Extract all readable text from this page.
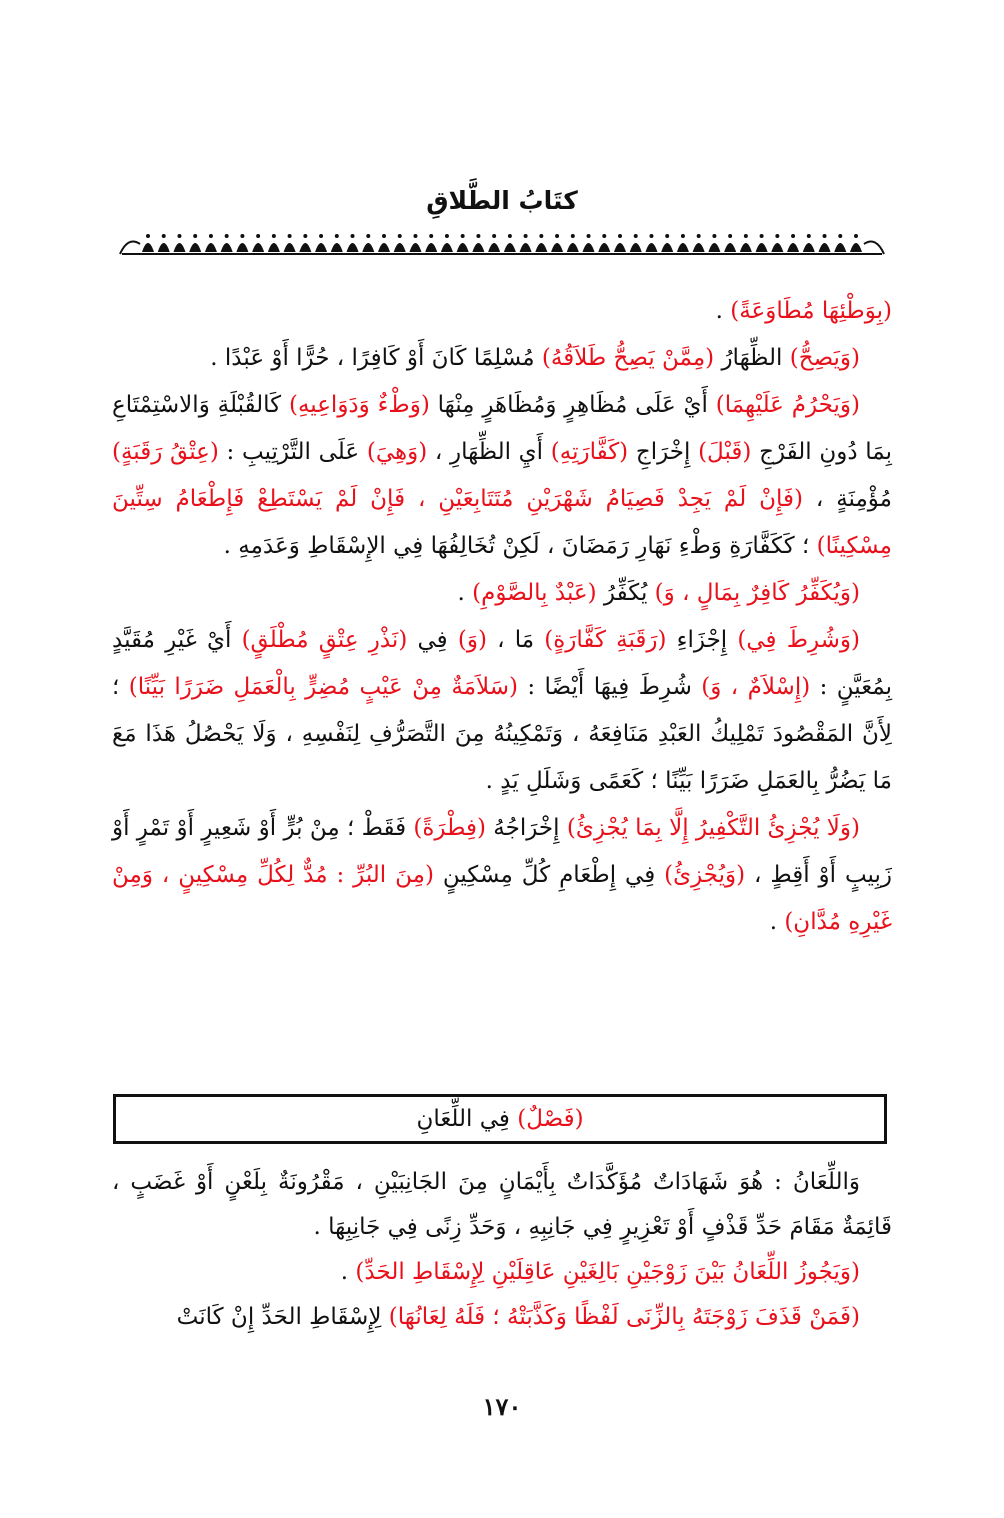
كتَابُ الطَّلاقِ

(بِوَطْئِهَا مُطَاوَعَةً) .

(وَيَصِحُّ) الظِّهَارُ (مِمَّنْ يَصِحُّ طَلاَقُهُ) مُسْلِمًا كَانَ أَوْ كَافِرًا ، حُرًّا أَوْ عَبْدًا .

(وَيَحْرُمُ عَلَيْهِمَا) أَيْ عَلَى مُظَاهِرٍ وَمُظَاهَرٍ مِنْهَا (وَطْءٌ وَدَوَاعِيهِ) كَالقُبْلَةِ وَالاسْتِمْتَاعِ بِمَا دُونِ الفَرْجِ (قَبْلَ) إِخْرَاجِ (كَفَّارَتِهِ) أَيِ الظِّهَارِ ، (وَهِيَ) عَلَى التَّرْتِيبِ : (عِتْقُ رَقَبَةٍ) مُؤْمِنَةٍ ، (فَإِنْ لَمْ يَجِدْ فَصِيَامُ شَهْرَيْنِ مُتَتَابِعَيْنِ ، فَإِنْ لَمْ يَسْتَطِعْ فَإِطْعَامُ سِتِّينَ مِسْكِينًا) ؛ كَكَفَّارَةِ وَطْءِ نَهَارِ رَمَضَانَ ، لَكِنْ تُخَالِفُهَا فِي الإِسْقَاطِ وَعَدَمِهِ .

(وَيُكَفِّرُ كَافِرٌ بِمَالٍ ، وَ) يُكَفِّرُ (عَبْدٌ بِالصَّوْمِ) .

(وَشُرِطَ فِي) إِجْزَاءِ (رَقَبَةِ كَفَّارَةٍ) مَا ، (وَ) فِي (نَذْرِ عِتْقٍ مُطْلَقٍ) أَيْ غَيْرِ مُقَيَّدٍ بِمُعَيَّنٍ : (إِسْلاَمٌ ، وَ) شُرِطَ فِيهَا أَيْضًا : (سَلاَمَةٌ مِنْ عَيْبٍ مُضِرٍّ بِالْعَمَلِ ضَرَرًا بَيِّنًا) ؛ لِأَنَّ المَقْصُودَ تَمْلِيكُ العَبْدِ مَنَافِعَهُ ، وَتَمْكِينُهُ مِنَ التَّصَرُّفِ لِنَفْسِهِ ، وَلَا يَحْصُلُ هَذَا مَعَ مَا يَضُرُّ بِالعَمَلِ ضَرَرًا بَيِّنًا ؛ كَعَمًى وَشَلَلِ يَدٍ .

(وَلَا يُجْزِئُ التَّكْفِيرُ إِلَّا بِمَا يُجْزِئُ) إِخْرَاجُهُ (فِطْرَةً) فَقَطْ ؛ مِنْ بُرٍّ أَوْ شَعِيرٍ أَوْ تَمْرٍ أَوْ زَبِيبٍ أَوْ أَقِطٍ ، (وَيُجْزِئُ) فِي إِطْعَامِ كُلِّ مِسْكِينٍ (مِنَ البُرِّ : مُدٌّ لِكُلِّ مِسْكِينٍ ، وَمِنْ غَيْرِهِ مُدَّانِ) .

(فَصْلٌ) فِي اللِّعَانِ

وَاللِّعَانُ : هُوَ شَهَادَاتٌ مُؤَكَّدَاتٌ بِأَيْمَانٍ مِنَ الجَانِبَيْنِ ، مَقْرُونَةٌ بِلَعْنٍ أَوْ غَضَبٍ ، قَائِمَةٌ مَقَامَ حَدِّ قَذْفٍ أَوْ تَعْزِيرٍ فِي جَانِبِهِ ، وَحَدِّ زِنًى فِي جَانِبِهَا .

(وَيَجُوزُ اللِّعَانُ بَيْنَ زَوْجَيْنِ بَالِغَيْنِ عَاقِلَيْنِ لِإِسْقَاطِ الحَدِّ) .

(فَمَنْ قَذَفَ زَوْجَتَهُ بِالزِّنَى لَفْظًا وَكَذَّبَتْهُ ؛ فَلَهُ لِعَانُهَا) لِإِسْقَاطِ الحَدِّ إِنْ كَانَتْ

١٧٠
